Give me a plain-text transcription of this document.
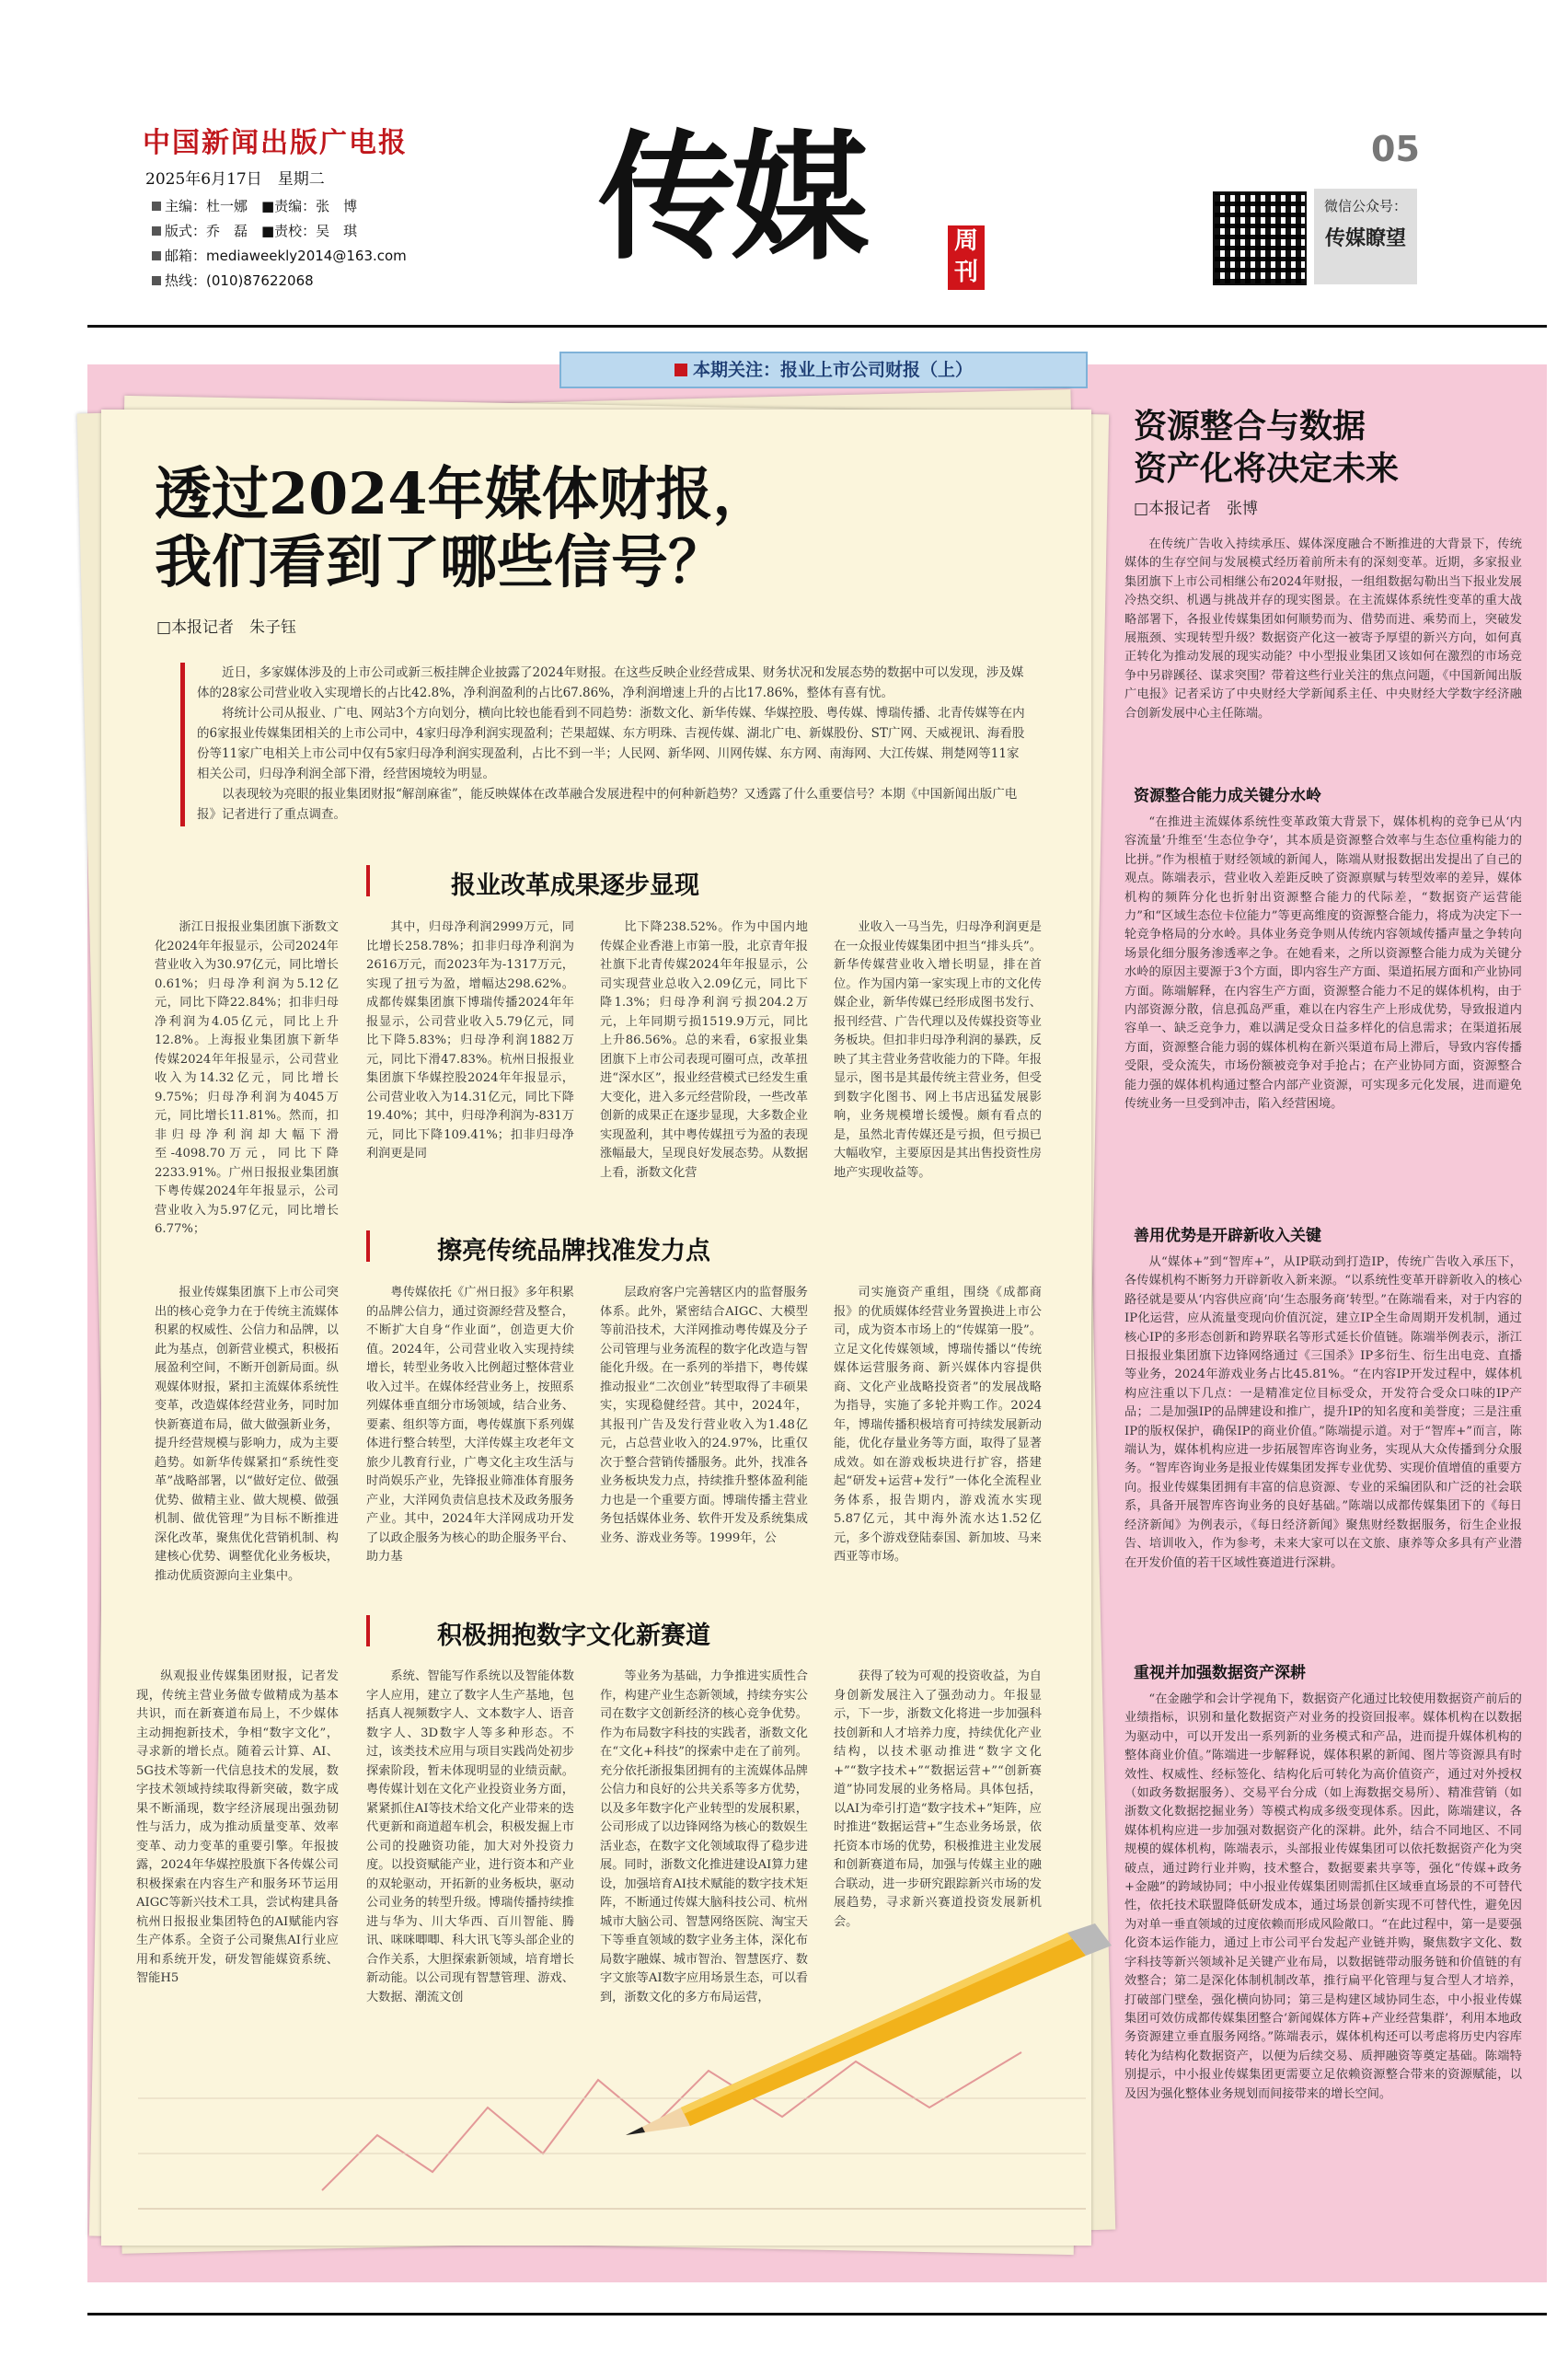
中国新闻出版广电报
2025年6月17日　星期二
主编：杜一娜　■责编：张　博
版式：乔　磊　■责校：吴　琪
邮箱：mediaweekly2014@163.com
热线：(010)87622068
传媒	周刊
05
微信公众号：
传媒瞭望
本期关注：报业上市公司财报（上）
透过2024年媒体财报，
我们看到了哪些信号？
□本报记者　朱子钰

近日，多家媒体涉及的上市公司或新三板挂牌企业披露了2024年财报。在这些反映企业经营成果、财务状况和发展态势的数据中可以发现，涉及媒体的28家公司营业收入实现增长的占比42.8%，净利润盈利的占比67.86%，净利润增速上升的占比17.86%，整体有喜有忧。

将统计公司从报业、广电、网站3个方向划分，横向比较也能看到不同趋势：浙数文化、新华传媒、华媒控股、粤传媒、博瑞传播、北青传媒等在内的6家报业传媒集团相关的上市公司中，4家归母净利润实现盈利；芒果超媒、东方明珠、吉视传媒、湖北广电、新媒股份、ST广网、天威视讯、海看股份等11家广电相关上市公司中仅有5家归母净利润实现盈利，占比不到一半；人民网、新华网、川网传媒、东方网、南海网、大江传媒、荆楚网等11家相关公司，归母净利润全部下滑，经营困境较为明显。

以表现较为亮眼的报业集团财报“解剖麻雀”，能反映媒体在改革融合发展进程中的何种新趋势？又透露了什么重要信号？本期《中国新闻出版广电报》记者进行了重点调查。

报业改革成果逐步显现

浙江日报报业集团旗下浙数文化2024年年报显示，公司2024年营业收入为30.97亿元，同比增长0.61%；归母净利润为5.12亿元，同比下降22.84%；扣非归母净利润为4.05亿元，同比上升12.8%。上海报业集团旗下新华传媒2024年年报显示，公司营业收入为14.32亿元，同比增长9.75%；归母净利润为4045万元，同比增长11.81%。然而，扣非归母净利润却大幅下滑至-4098.70万元，同比下降2233.91%。广州日报报业集团旗下粤传媒2024年年报显示，公司营业收入为5.97亿元，同比增长6.77%；

其中，归母净利润2999万元，同比增长258.78%；扣非归母净利润为2616万元，而2023年为-1317万元，实现了扭亏为盈，增幅达298.62%。成都传媒集团旗下博瑞传播2024年年报显示，公司营业收入5.79亿元，同比下降5.83%；归母净利润1882万元，同比下滑47.83%。杭州日报报业集团旗下华媒控股2024年年报显示，公司营业收入为14.31亿元，同比下降19.40%；其中，归母净利润为-831万元，同比下降109.41%；扣非归母净利润更是同

比下降238.52%。作为中国内地传媒企业香港上市第一股，北京青年报社旗下北青传媒2024年年报显示，公司实现营业总收入2.09亿元，同比下降1.3%；归母净利润亏损204.2万元，上年同期亏损1519.9万元，同比上升86.56%。总的来看，6家报业集团旗下上市公司表现可圈可点，改革扭进“深水区”，报业经营模式已经发生重大变化，进入多元经营阶段，一些改革创新的成果正在逐步显现，大多数企业实现盈利，其中粤传媒扭亏为盈的表现涨幅最大，呈现良好发展态势。从数据上看，浙数文化营

业收入一马当先，归母净利润更是在一众报业传媒集团中担当“排头兵”。新华传媒营业收入增长明显，排在首位。作为国内第一家实现上市的文化传媒企业，新华传媒已经形成图书发行、报刊经营、广告代理以及传媒投资等业务板块。但扣非归母净利润的暴跌，反映了其主营业务营收能力的下降。年报显示，图书是其最传统主营业务，但受到数字化图书、网上书店迅猛发展影响，业务规模增长缓慢。颇有看点的是，虽然北青传媒还是亏损，但亏损已大幅收窄，主要原因是其出售投资性房地产实现收益等。

擦亮传统品牌找准发力点

报业传媒集团旗下上市公司突出的核心竞争力在于传统主流媒体积累的权威性、公信力和品牌，以此为基点，创新营业模式，积极拓展盈利空间，不断开创新局面。纵观媒体财报，紧扣主流媒体系统性变革，改造媒体经营业务，同时加快新赛道布局，做大做强新业务，提升经营规模与影响力，成为主要趋势。如新华传媒紧扣“系统性变革”战略部署，以“做好定位、做强优势、做精主业、做大规模、做强机制、做优管理”为目标不断推进深化改革，聚焦优化营销机制、构建核心优势、调整优化业务板块，推动优质资源向主业集中。

粤传媒依托《广州日报》多年积累的品牌公信力，通过资源经营及整合，不断扩大自身“作业面”，创造更大价值。2024年，公司营业收入实现持续增长，转型业务收入比例超过整体营业收入过半。在媒体经营业务上，按照系列媒体垂直细分市场领域，结合业务、要素、组织等方面，粤传媒旗下系列媒体进行整合转型，大洋传媒主攻老年文旅少儿教育行业，广粤文化主攻生活与时尚娱乐产业，先锋报业筛准体育服务产业，大洋网负责信息技术及政务服务产业。其中，2024年大洋网成功开发了以政企服务为核心的助企服务平台、助力基

层政府客户完善辖区内的监督服务体系。此外，紧密结合AIGC、大模型等前沿技术，大洋网推动粤传媒及分子公司管理与业务流程的数字化改造与智能化升级。在一系列的举措下，粤传媒推动报业“二次创业”转型取得了丰硕果实，实现稳健经营。其中，2024年，其报刊广告及发行营业收入为1.48亿元，占总营业收入的24.97%，比重仅次于整合营销传播服务。此外，找准各业务板块发力点，持续推升整体盈利能力也是一个重要方面。博瑞传播主营业务包括媒体业务、软件开发及系统集成业务、游戏业务等。1999年，公

司实施资产重组，围绕《成都商报》的优质媒体经营业务置换进上市公司，成为资本市场上的“传媒第一股”。立足文化传媒领域，博瑞传播以“传统媒体运营服务商、新兴媒体内容提供商、文化产业战略投资者”的发展战略为指导，实施了多轮并购工作。2024年，博瑞传播积极培育可持续发展新动能，优化存量业务等方面，取得了显著成效。如在游戏板块进行扩容，搭建起“研发+运营+发行”一体化全流程业务体系，报告期内，游戏流水实现5.87亿元，其中海外流水达1.52亿元，多个游戏登陆泰国、新加坡、马来西亚等市场。

积极拥抱数字文化新赛道

纵观报业传媒集团财报，记者发现，传统主营业务做专做精成为基本共识，而在新赛道布局上，不少媒体主动拥抱新技术，争相“数字文化”，寻求新的增长点。随着云计算、AI、5G技术等新一代信息技术的发展，数字技术领域持续取得新突破，数字成果不断涌现，数字经济展现出强劲韧性与活力，成为推动质量变革、效率变革、动力变革的重要引擎。年报披露，2024年华媒控股旗下各传媒公司积极探索在内容生产和服务环节运用AIGC等新兴技术工具，尝试构建具备杭州日报报业集团特色的AI赋能内容生产体系。全资子公司聚焦AI行业应用和系统开发，研发智能媒资系统、智能H5

系统、智能写作系统以及智能体数字人应用，建立了数字人生产基地，包括真人视频数字人、文本数字人、语音数字人、3D数字人等多种形态。不过，该类技术应用与项目实践尚处初步探索阶段，暂未体现明显的业绩贡献。粤传媒计划在文化产业投资业务方面，紧紧抓住AI等技术给文化产业带来的迭代更新和商道超车机会，积极发掘上市公司的投融资功能，加大对外投资力度。以投资赋能产业，进行资本和产业的双轮驱动，开拓新的业务板块，驱动公司业务的转型升级。博瑞传播持续推进与华为、川大华西、百川智能、腾讯、咪咪唧唧、科大讯飞等头部企业的合作关系，大胆探索新领域，培育增长新动能。以公司现有智慧管理、游戏、大数据、潮流文创

等业务为基础，力争推进实质性合作，构建产业生态新领域，持续夯实公司在数字文创新经济的核心竞争优势。作为布局数字科技的实践者，浙数文化在“文化+科技”的探索中走在了前列。充分依托浙报集团拥有的主流媒体品牌公信力和良好的公共关系等多方优势，以及多年数字化产业转型的发展积累，公司形成了以边锋网络为核心的数娱生活业态，在数字文化领域取得了稳步进展。同时，浙数文化推进建设AI算力建设，加强培育AI技术赋能的数字技术矩阵，不断通过传媒大脑科技公司、杭州城市大脑公司、智慧网络医院、淘宝天下等垂直领域的数字业务主体，深化布局数字融媒、城市智治、智慧医疗、数字文旅等AI数字应用场景生态，可以看到，浙数文化的多方布局运营，

获得了较为可观的投资收益，为自身创新发展注入了强劲动力。年报显示，下一步，浙数文化将进一步加强科技创新和人才培养力度，持续优化产业结构，以技术驱动推进“数字文化+”“数字技术+”“数据运营+”“创新赛道”协同发展的业务格局。具体包括，以AI为牵引打造“数字技术+”矩阵，应时推进“数据运营+”生态业务场景，依托资本市场的优势，积极推进主业发展和创新赛道布局，加强与传媒主业的融合联动，进一步研究跟踪新兴市场的发展趋势，寻求新兴赛道投资发展新机会。

资源整合与数据
资产化将决定未来
□本报记者　张博

在传统广告收入持续承压、媒体深度融合不断推进的大背景下，传统媒体的生存空间与发展模式经历着前所未有的深刻变革。近期，多家报业集团旗下上市公司相继公布2024年财报，一组组数据勾勒出当下报业发展冷热交织、机遇与挑战并存的现实图景。在主流媒体系统性变革的重大战略部署下，各报业传媒集团如何顺势而为、借势而进、乘势而上，突破发展瓶颈、实现转型升级？数据资产化这一被寄予厚望的新兴方向，如何真正转化为推动发展的现实动能？中小型报业集团又该如何在激烈的市场竞争中另辟蹊径、谋求突围？带着这些行业关注的焦点问题，《中国新闻出版广电报》记者采访了中央财经大学新闻系主任、中央财经大学数字经济融合创新发展中心主任陈端。

资源整合能力成关键分水岭

“在推进主流媒体系统性变革政策大背景下，媒体机构的竞争已从‘内容流量’升维至‘生态位争夺’，其本质是资源整合效率与生态位重构能力的比拼。”作为根植于财经领域的新闻人，陈端从财报数据出发提出了自己的观点。陈端表示，营业收入差距反映了资源禀赋与转型效率的差异，媒体机构的频阵分化也折射出资源整合能力的代际差，“数据资产运营能力”和“区域生态位卡位能力”等更高维度的资源整合能力，将成为决定下一轮竞争格局的分水岭。具体业务竞争则从传统内容领域传播声量之争转向场景化细分服务渗透率之争。在她看来，之所以资源整合能力成为关键分水岭的原因主要源于3个方面，即内容生产方面、渠道拓展方面和产业协同方面。陈端解释，在内容生产方面，资源整合能力不足的媒体机构，由于内部资源分散，信息孤岛严重，难以在内容生产上形成优势，导致报道内容单一、缺乏竞争力，难以满足受众日益多样化的信息需求；在渠道拓展方面，资源整合能力弱的媒体机构在新兴渠道布局上滞后，导致内容传播受限，受众流失，市场份额被竞争对手抢占；在产业协同方面，资源整合能力强的媒体机构通过整合内部产业资源，可实现多元化发展，进而避免传统业务一旦受到冲击，陷入经营困境。

善用优势是开辟新收入关键

从“媒体+”到“智库+”，从IP联动到打造IP，传统广告收入承压下，各传媒机构不断努力开辟新收入新来源。“以系统性变革开辟新收入的核心路径就是要从‘内容供应商’向‘生态服务商’转型。”在陈端看来，对于内容的IP化运营，应从流量变现向价值沉淀，建立IP全生命周期开发机制，通过核心IP的多形态创新和跨界联名等形式延长价值链。陈端举例表示，浙江日报报业集团旗下边锋网络通过《三国杀》IP多衍生、衍生出电竞、直播等业务，2024年游戏业务占比45.81%。“在内容IP开发过程中，媒体机构应注重以下几点：一是精准定位目标受众，开发符合受众口味的IP产品；二是加强IP的品牌建设和推广，提升IP的知名度和美誉度；三是注重IP的版权保护，确保IP的商业价值。”陈端提示道。对于“智库+”而言，陈端认为，媒体机构应进一步拓展智库咨询业务，实现从大众传播到分众服务。“智库咨询业务是报业传媒集团发挥专业优势、实现价值增值的重要方向。报业传媒集团拥有丰富的信息资源、专业的采编团队和广泛的社会联系，具备开展智库咨询业务的良好基础。”陈端以成都传媒集团下的《每日经济新闻》为例表示，《每日经济新闻》聚焦财经数据服务，衍生企业报告、培训收入，作为参考，未来大家可以在文旅、康养等众多具有产业潜在开发价值的若干区域性赛道进行深耕。

重视并加强数据资产深耕

“在金融学和会计学视角下，数据资产化通过比较使用数据资产前后的业绩指标，识别和量化数据资产对业务的投资回报率。媒体机构在以数据为驱动中，可以开发出一系列新的业务模式和产品，进而提升媒体机构的整体商业价值。”陈端进一步解释说，媒体积累的新闻、图片等资源具有时效性、权威性、经标签化、结构化后可转化为高价值资产，通过对外授权（如政务数据服务）、交易平台分成（如上海数据交易所）、精准营销（如浙数文化数据挖掘业务）等模式构成多级变现体系。因此，陈端建议，各媒体机构应进一步加强对数据资产化的深耕。此外，结合不同地区、不同规模的媒体机构，陈端表示，头部报业传媒集团可以依托数据资产化为突破点，通过跨行业并购，技术整合，数据要素共享等，强化“传媒+政务+金融”的跨域协同；中小报业传媒集团则需抓住区域垂直场景的不可替代性，依托技术联盟降低研发成本，通过场景创新实现不可替代性，避免因为对单一垂直领域的过度依赖而形成风险敞口。“在此过程中，第一是要强化资本运作能力，通过上市公司平台发起产业链并购，聚焦数字文化、数字科技等新兴领域补足关键产业布局，以数据链带动服务链和价值链的有效整合；第二是深化体制机制改革，推行扁平化管理与复合型人才培养，打破部门壁垒，强化横向协同；第三是构建区域协同生态，中小报业传媒集团可效仿成都传媒集团整合‘新闻媒体方阵+产业经营集群’，利用本地政务资源建立垂直服务网络。”陈端表示，媒体机构还可以考虑将历史内容库转化为结构化数据资产，以便为后续交易、质押融资等奠定基础。陈端特别提示，中小报业传媒集团更需要立足依赖资源整合带来的资源赋能，以及因为强化整体业务规划而间接带来的增长空间。
